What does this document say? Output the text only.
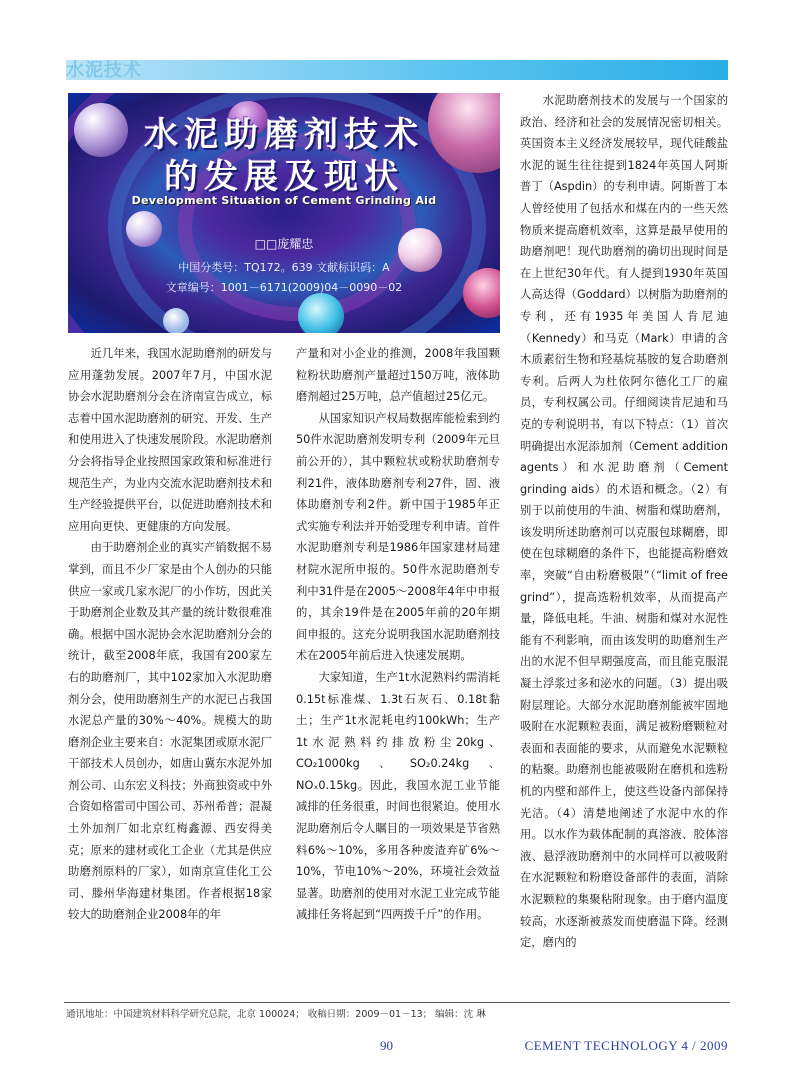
水泥技术
水泥助磨剂技术
的发展及现状
Development Situation of Cement Grinding Aid
□□庞耀忠
中国分类号：TQ172。639 文献标识码：A
文章编号：1001－6171(2009)04－0090－02

近几年来，我国水泥助磨剂的研发与应用蓬勃发展。2007年7月，中国水泥协会水泥助磨剂分会在济南宣告成立，标志着中国水泥助磨剂的研究、开发、生产和使用进入了快速发展阶段。水泥助磨剂分会将指导企业按照国家政策和标准进行规范生产，为业内交流水泥助磨剂技术和生产经验提供平台，以促进助磨剂技术和应用向更快、更健康的方向发展。

由于助磨剂企业的真实产销数据不易掌到，而且不少厂家是由个人创办的只能供应一家或几家水泥厂的小作坊，因此关于助磨剂企业数及其产量的统计数很难准确。根据中国水泥协会水泥助磨剂分会的统计，截至2008年底，我国有200家左右的助磨剂厂，其中102家加入水泥助磨剂分会，使用助磨剂生产的水泥已占我国水泥总产量的30%～40%。规模大的助磨剂企业主要来自：水泥集团或原水泥厂干部技术人员创办，如唐山冀东水泥外加剂公司、山东宏义科技；外商独资或中外合资如格雷司中国公司、苏州希普；混凝土外加剂厂如北京红梅鑫源、西安得美克；原来的建材或化工企业（尤其是供应助磨剂原料的厂家），如南京宣佳化工公司、滕州华海建材集团。作者根据18家较大的助磨剂企业2008年的年

产量和对小企业的推测，2008年我国颗粒粉状助磨剂产量超过150万吨，液体助磨剂超过25万吨，总产值超过25亿元。

从国家知识产权局数据库能检索到约50件水泥助磨剂发明专利（2009年元旦前公开的），其中颗粒状或粉状助磨剂专利21件，液体助磨剂专利27件，固、液体助磨剂专利2件。新中国于1985年正式实施专利法并开始受理专利申请。首件水泥助磨剂专利是1986年国家建材局建材院水泥所申报的。50件水泥助磨剂专利中31件是在2005～2008年4年中申报的，其余19件是在2005年前的20年期间申报的。这充分说明我国水泥助磨剂技术在2005年前后进入快速发展期。

大家知道，生产1t水泥熟料约需消耗0.15t标准煤、1.3t石灰石、0.18t黏土；生产1t水泥耗电约100kWh；生产1t水泥熟料约排放粉尘20kg、CO₂1000kg、SO₂0.24kg、NOₓ0.15kg。因此，我国水泥工业节能减排的任务很重，时间也很紧迫。使用水泥助磨剂后令人瞩目的一项效果是节省熟料6%～10%，多用各种废渣弃矿6%～10%，节电10%～20%，环境社会效益显著。助磨剂的使用对水泥工业完成节能减排任务将起到“四两拨千斤”的作用。

水泥助磨剂技术的发展与一个国家的政治、经济和社会的发展情况密切相关。英国资本主义经济发展较早，现代硅酸盐水泥的诞生往往提到1824年英国人阿斯普丁（Aspdin）的专利申请。阿斯普丁本人曾经使用了包括水和煤在内的一些天然物质来提高磨机效率，这算是最早使用的助磨剂吧！现代助磨剂的确切出现时间是在上世纪30年代。有人提到1930年英国人高达得（Goddard）以树脂为助磨剂的专利，还有1935年美国人肯尼迪（Kennedy）和马克（Mark）申请的含木质素衍生物和羟基烷基胺的复合助磨剂专利。后两人为杜依阿尔德化工厂的雇员，专利权属公司。仔细阅读肯尼迪和马克的专利说明书，有以下特点：（1）首次明确提出水泥添加剂（Cement addition agents）和水泥助磨剂（Cement grinding aids）的术语和概念。（2）有别于以前使用的牛油、树脂和煤助磨剂，该发明所述助磨剂可以克服包球糊磨，即使在包球糊磨的条件下，也能提高粉磨效率，突破“自由粉磨极限”（“limit of free grind”），提高选粉机效率，从而提高产量，降低电耗。牛油、树脂和煤对水泥性能有不利影响，而由该发明的助磨剂生产出的水泥不但早期强度高，而且能克服混凝土浮浆过多和泌水的问题。（3）提出吸附层理论。大部分水泥助磨剂能被牢固地吸附在水泥颗粒表面，满足被粉磨颗粒对表面和表面能的要求，从而避免水泥颗粒的粘聚。助磨剂也能被吸附在磨机和选粉机的内壁和部件上，使这些设备内部保持光洁。（4）清楚地阐述了水泥中水的作用。以水作为载体配制的真溶液、胶体溶液、悬浮液助磨剂中的水同样可以被吸附在水泥颗粒和粉磨设备部件的表面，消除水泥颗粒的集聚粘附现象。由于磨内温度较高，水逐渐被蒸发而使磨温下降。经测定，磨内的

通讯地址：中国建筑材料科学研究总院，北京 100024； 收稿日期：2009－01－13； 编辑：沈 琳
90	CEMENT TECHNOLOGY 4 / 2009
